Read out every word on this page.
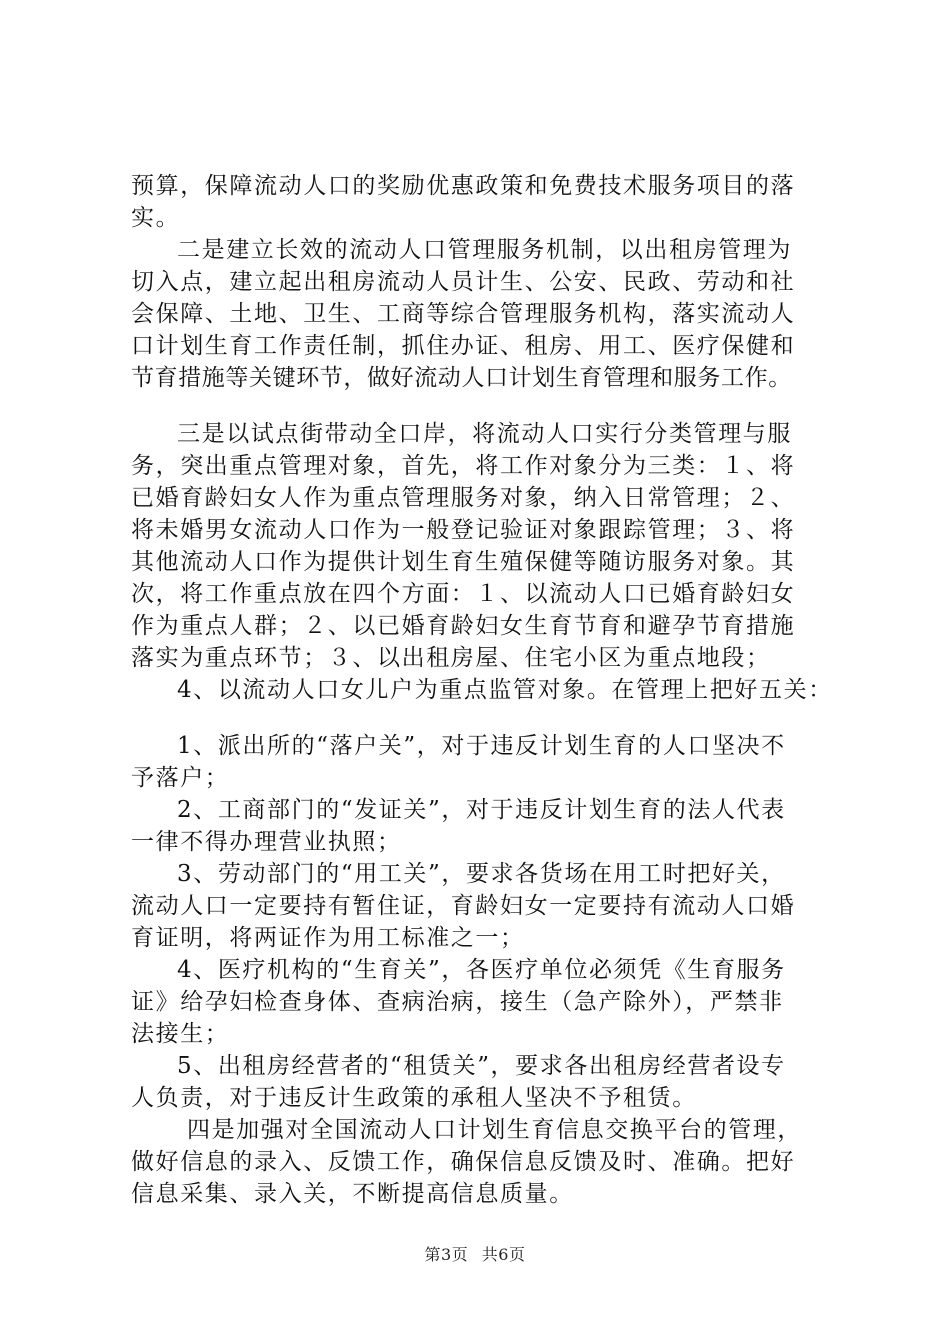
预算，保障流动人口的奖励优惠政策和免费技术服务项目的落
实。
二是建立长效的流动人口管理服务机制，以出租房管理为
切入点，建立起出租房流动人员计生、公安、民政、劳动和社
会保障、土地、卫生、工商等综合管理服务机构，落实流动人
口计划生育工作责任制，抓住办证、租房、用工、医疗保健和
节育措施等关键环节，做好流动人口计划生育管理和服务工作。
三是以试点街带动全口岸，将流动人口实行分类管理与服
务，突出重点管理对象，首先，将工作对象分为三类：１、将
已婚育龄妇女人作为重点管理服务对象，纳入日常管理；２、
将未婚男女流动人口作为一般登记验证对象跟踪管理；３、将
其他流动人口作为提供计划生育生殖保健等随访服务对象。其
次，将工作重点放在四个方面：１、以流动人口已婚育龄妇女
作为重点人群；２、以已婚育龄妇女生育节育和避孕节育措施
落实为重点环节；３、以出租房屋、住宅小区为重点地段；
4、以流动人口女儿户为重点监管对象。在管理上把好五关：
1、派出所的“落户关”，对于违反计划生育的人口坚决不
予落户；
2、工商部门的“发证关”，对于违反计划生育的法人代表
一律不得办理营业执照；
3、劳动部门的“用工关”，要求各货场在用工时把好关，
流动人口一定要持有暂住证，育龄妇女一定要持有流动人口婚
育证明，将两证作为用工标准之一；
4、医疗机构的“生育关”，各医疗单位必须凭《生育服务
证》给孕妇检查身体、查病治病，接生（急产除外），严禁非
法接生；
5、出租房经营者的“租赁关”，要求各出租房经营者设专
人负责，对于违反计生政策的承租人坚决不予租赁。
四是加强对全国流动人口计划生育信息交换平台的管理，
做好信息的录入、反馈工作，确保信息反馈及时、准确。把好
信息采集、录入关，不断提高信息质量。
第3页 共6页
